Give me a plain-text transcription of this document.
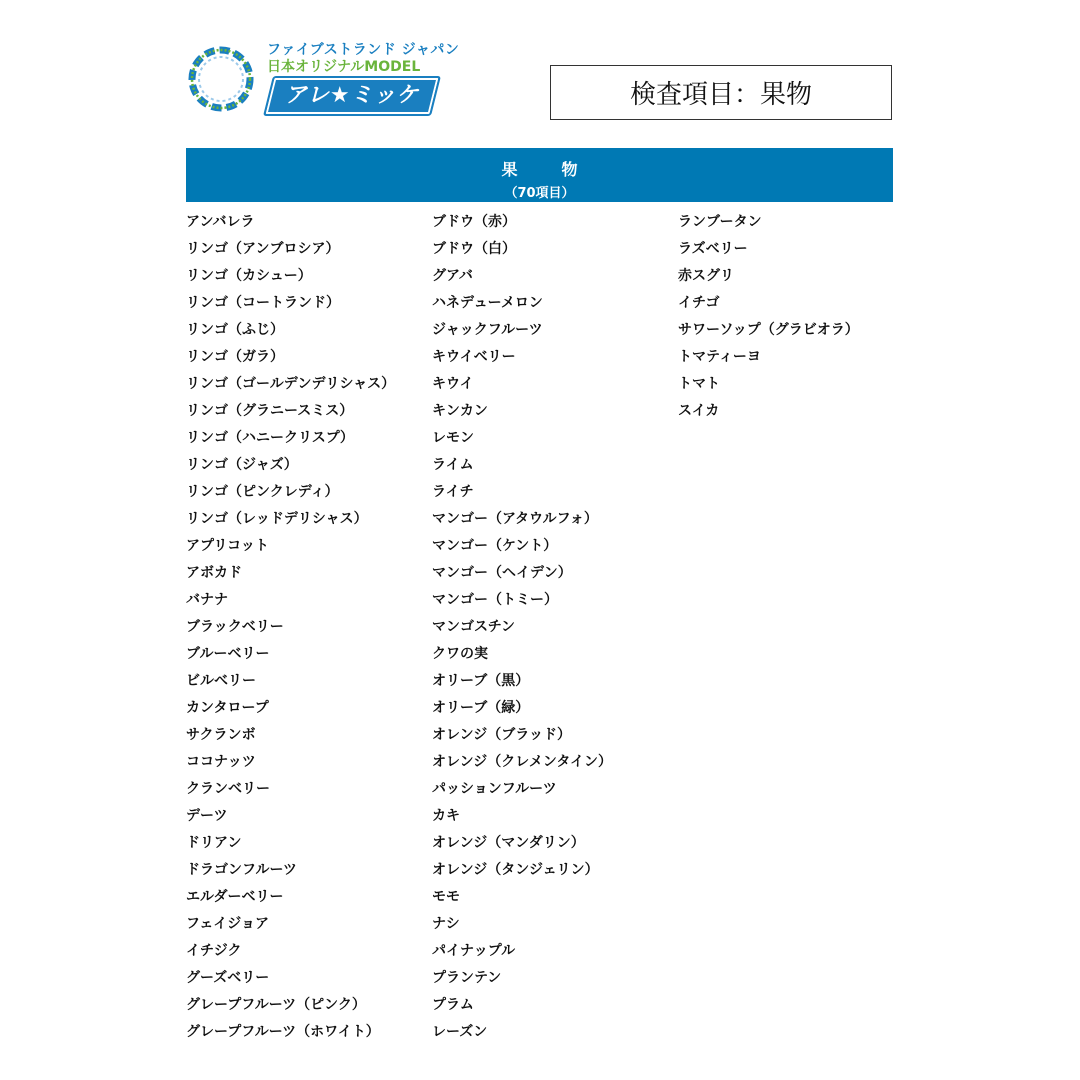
ファイブストランド ジャパン
日本オリジナルMODEL
アレ★ミッケ	検査項目：果物
果　物
（70項目）
アンバレラ
リンゴ（アンブロシア）
リンゴ（カシュー）
リンゴ（コートランド）
リンゴ（ふじ）
リンゴ（ガラ）
リンゴ（ゴールデンデリシャス）
リンゴ（グラニースミス）
リンゴ（ハニークリスプ）
リンゴ（ジャズ）
リンゴ（ピンクレディ）
リンゴ（レッドデリシャス）
アプリコット
アボカド
バナナ
ブラックベリー
ブルーベリー
ビルベリー
カンタロープ
サクランボ
ココナッツ
クランベリー
デーツ
ドリアン
ドラゴンフルーツ
エルダーベリー
フェイジョア
イチジク
グーズベリー
グレープフルーツ（ピンク）
グレープフルーツ（ホワイト）
ブドウ（赤）
ブドウ（白）
グアバ
ハネデューメロン
ジャックフルーツ
キウイベリー
キウイ
キンカン
レモン
ライム
ライチ
マンゴー（アタウルフォ）
マンゴー（ケント）
マンゴー（ヘイデン）
マンゴー（トミー）
マンゴスチン
クワの実
オリーブ（黒）
オリーブ（緑）
オレンジ（ブラッド）
オレンジ（クレメンタイン）
パッションフルーツ
カキ
オレンジ（マンダリン）
オレンジ（タンジェリン）
モモ
ナシ
パイナップル
プランテン
プラム
レーズン
ランブータン
ラズベリー
赤スグリ
イチゴ
サワーソップ（グラビオラ）
トマティーヨ
トマト
スイカ
